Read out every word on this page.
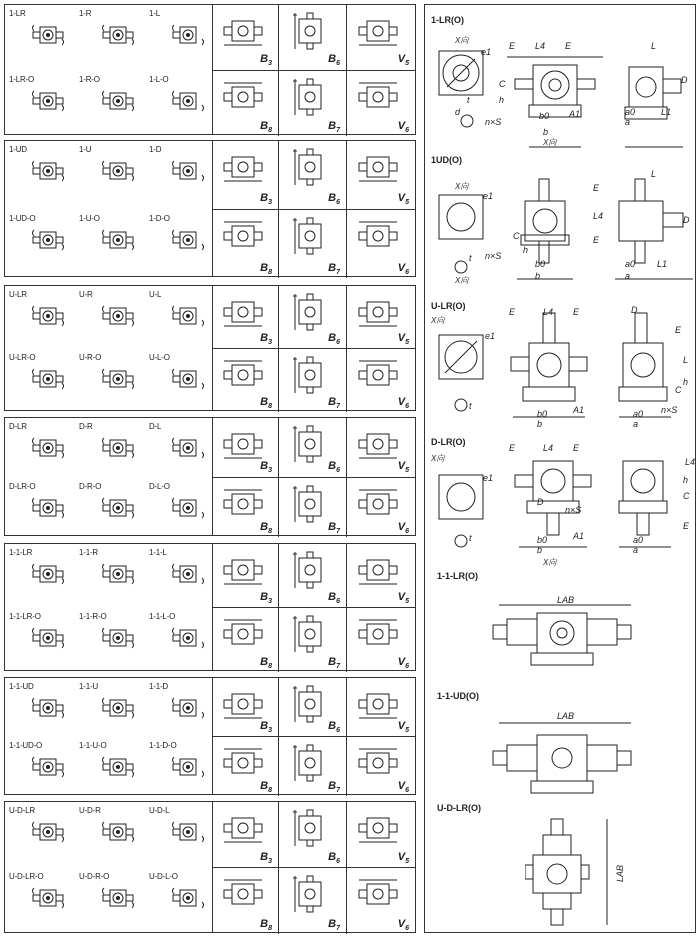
1-LR	1-R	1-L
1-LR-O	1-R-O	1-L-O
$B_3$	$B_6$	$V_5$
$B_8$	$B_7$	$V_6$
1-UD	1-U	1-D
1-UD-O	1-U-O	1-D-O
$B_3$	$B_6$	$V_5$
$B_8$	$B_7$	$V_6$
U-LR	U-R	U-L
U-LR-O	U-R-O	U-L-O
$B_3$	$B_6$	$V_5$
$B_8$	$B_7$	$V_6$
D-LR	D-R	D-L
D-LR-O	D-R-O	D-L-O
$B_3$	$B_6$	$V_5$
$B_8$	$B_7$	$V_6$
1-1-LR	1-1-R	1-1-L
1-1-LR-O	1-1-R-O	1-1-L-O
$B_3$	$B_6$	$V_5$
$B_8$	$B_7$	$V_6$
1-1-UD	1-1-U	1-1-D
1-1-UD-O	1-1-U-O	1-1-D-O
$B_3$	$B_6$	$V_5$
$B_8$	$B_7$	$V_6$
U-D-LR	U-D-R	U-D-L
U-D-LR-O	U-D-R-O	U-D-L-O
$B_3$	$B_6$	$V_5$
$B_8$	$B_7$	$V_6$
1-LR(O)
X向
e1
E L4 E	L
D
d
h
C
t
b
n×S
b0 A1	L1
a0
a
X向
1UD(O)
X向
e1
L
E
L4
E
D
C
h
t n×S
b0
b
a0
a
L1
X向
U-LR(O)
X向
e1
E	L4 E	D
E
L
C
h
t
b0	A1
b
a0
a
n×S
D-LR(O)
X向
e1
E	L4 E
L4
C
D
h
E
t
n×S
b0	A1
b
a0
a
X向
1-1-LR(O)
LAB
1-1-UD(O)
LAB
U-D-LR(O)
LAB
